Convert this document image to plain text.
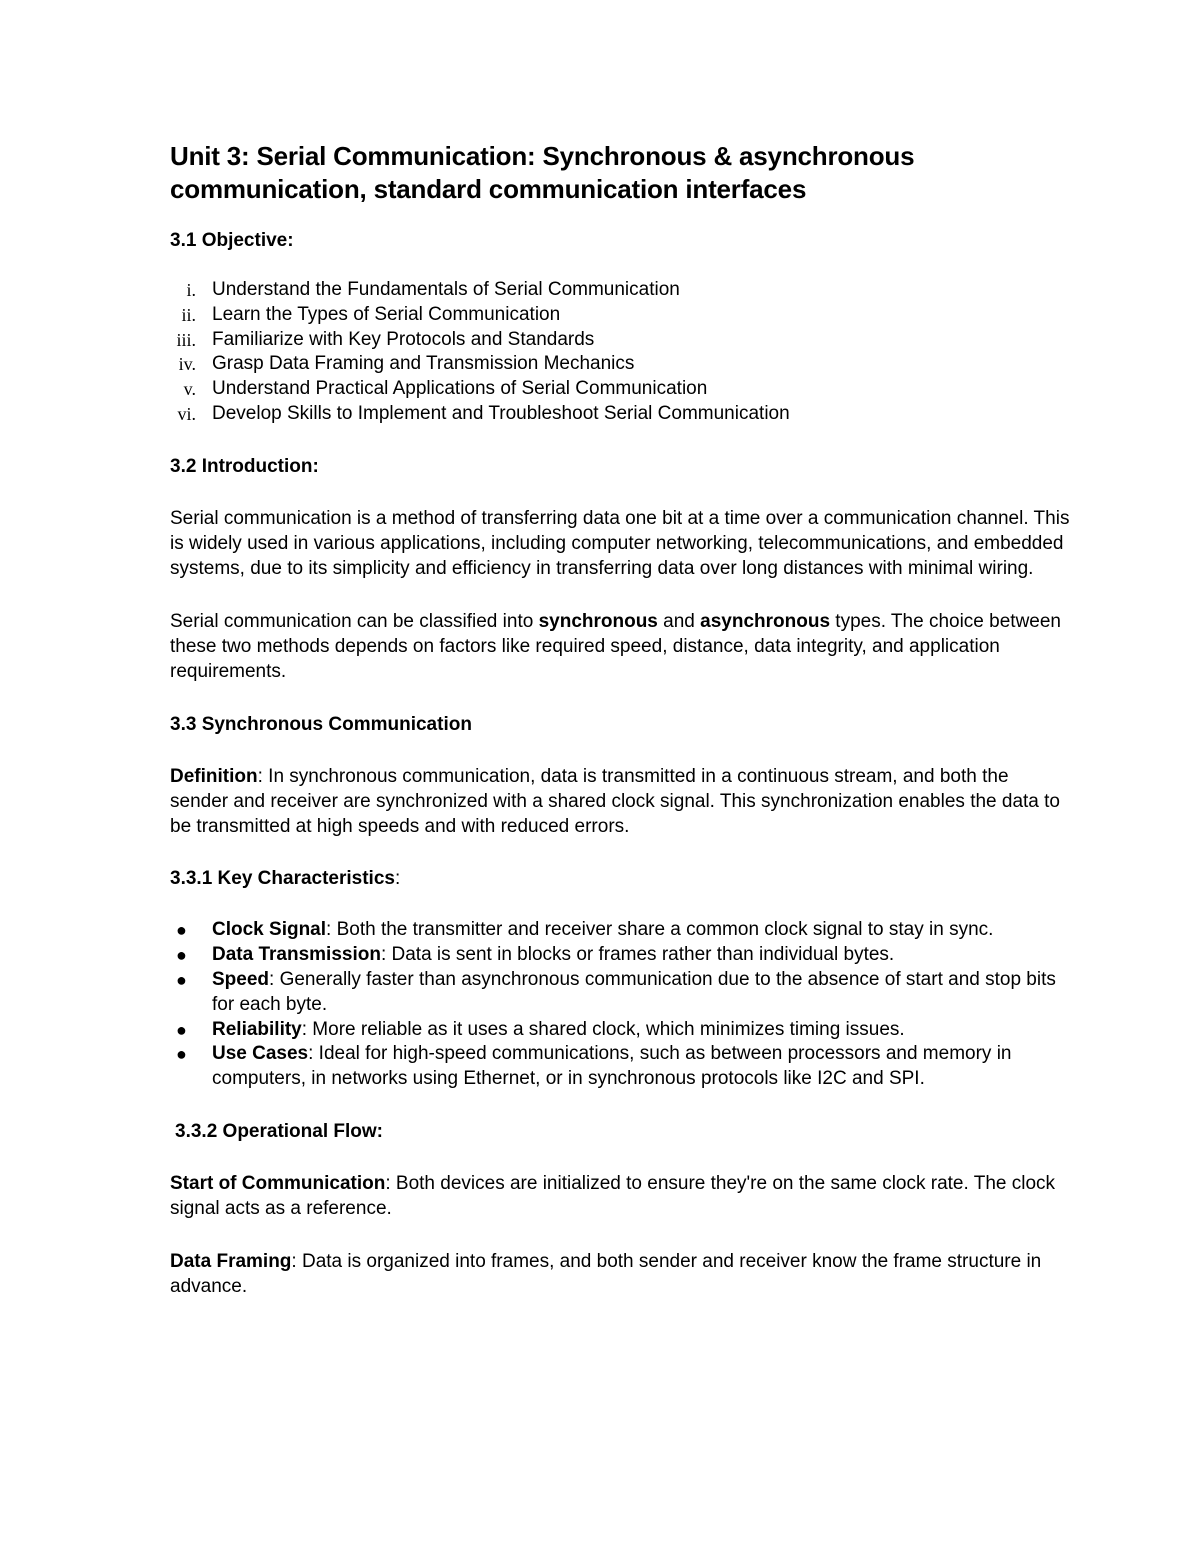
Unit 3: Serial Communication: Synchronous & asynchronous communication, standard communication interfaces
3.1 Objective:
i. Understand the Fundamentals of Serial Communication
ii. Learn the Types of Serial Communication
iii. Familiarize with Key Protocols and Standards
iv. Grasp Data Framing and Transmission Mechanics
v. Understand Practical Applications of Serial Communication
vi. Develop Skills to Implement and Troubleshoot Serial Communication
3.2 Introduction:

Serial communication is a method of transferring data one bit at a time over a communication channel. This is widely used in various applications, including computer networking, telecommunications, and embedded systems, due to its simplicity and efficiency in transferring data over long distances with minimal wiring.

Serial communication can be classified into synchronous and asynchronous types. The choice between these two methods depends on factors like required speed, distance, data integrity, and application requirements.

3.3 Synchronous Communication

Definition: In synchronous communication, data is transmitted in a continuous stream, and both the sender and receiver are synchronized with a shared clock signal. This synchronization enables the data to be transmitted at high speeds and with reduced errors.

3.3.1 Key Characteristics:
● Clock Signal: Both the transmitter and receiver share a common clock signal to stay in sync.
● Data Transmission: Data is sent in blocks or frames rather than individual bytes.
● Speed: Generally faster than asynchronous communication due to the absence of start and stop bits for each byte.
● Reliability: More reliable as it uses a shared clock, which minimizes timing issues.
● Use Cases: Ideal for high-speed communications, such as between processors and memory in computers, in networks using Ethernet, or in synchronous protocols like I2C and SPI.
3.3.2 Operational Flow:

Start of Communication: Both devices are initialized to ensure they're on the same clock rate. The clock signal acts as a reference.

Data Framing: Data is organized into frames, and both sender and receiver know the frame structure in advance.
